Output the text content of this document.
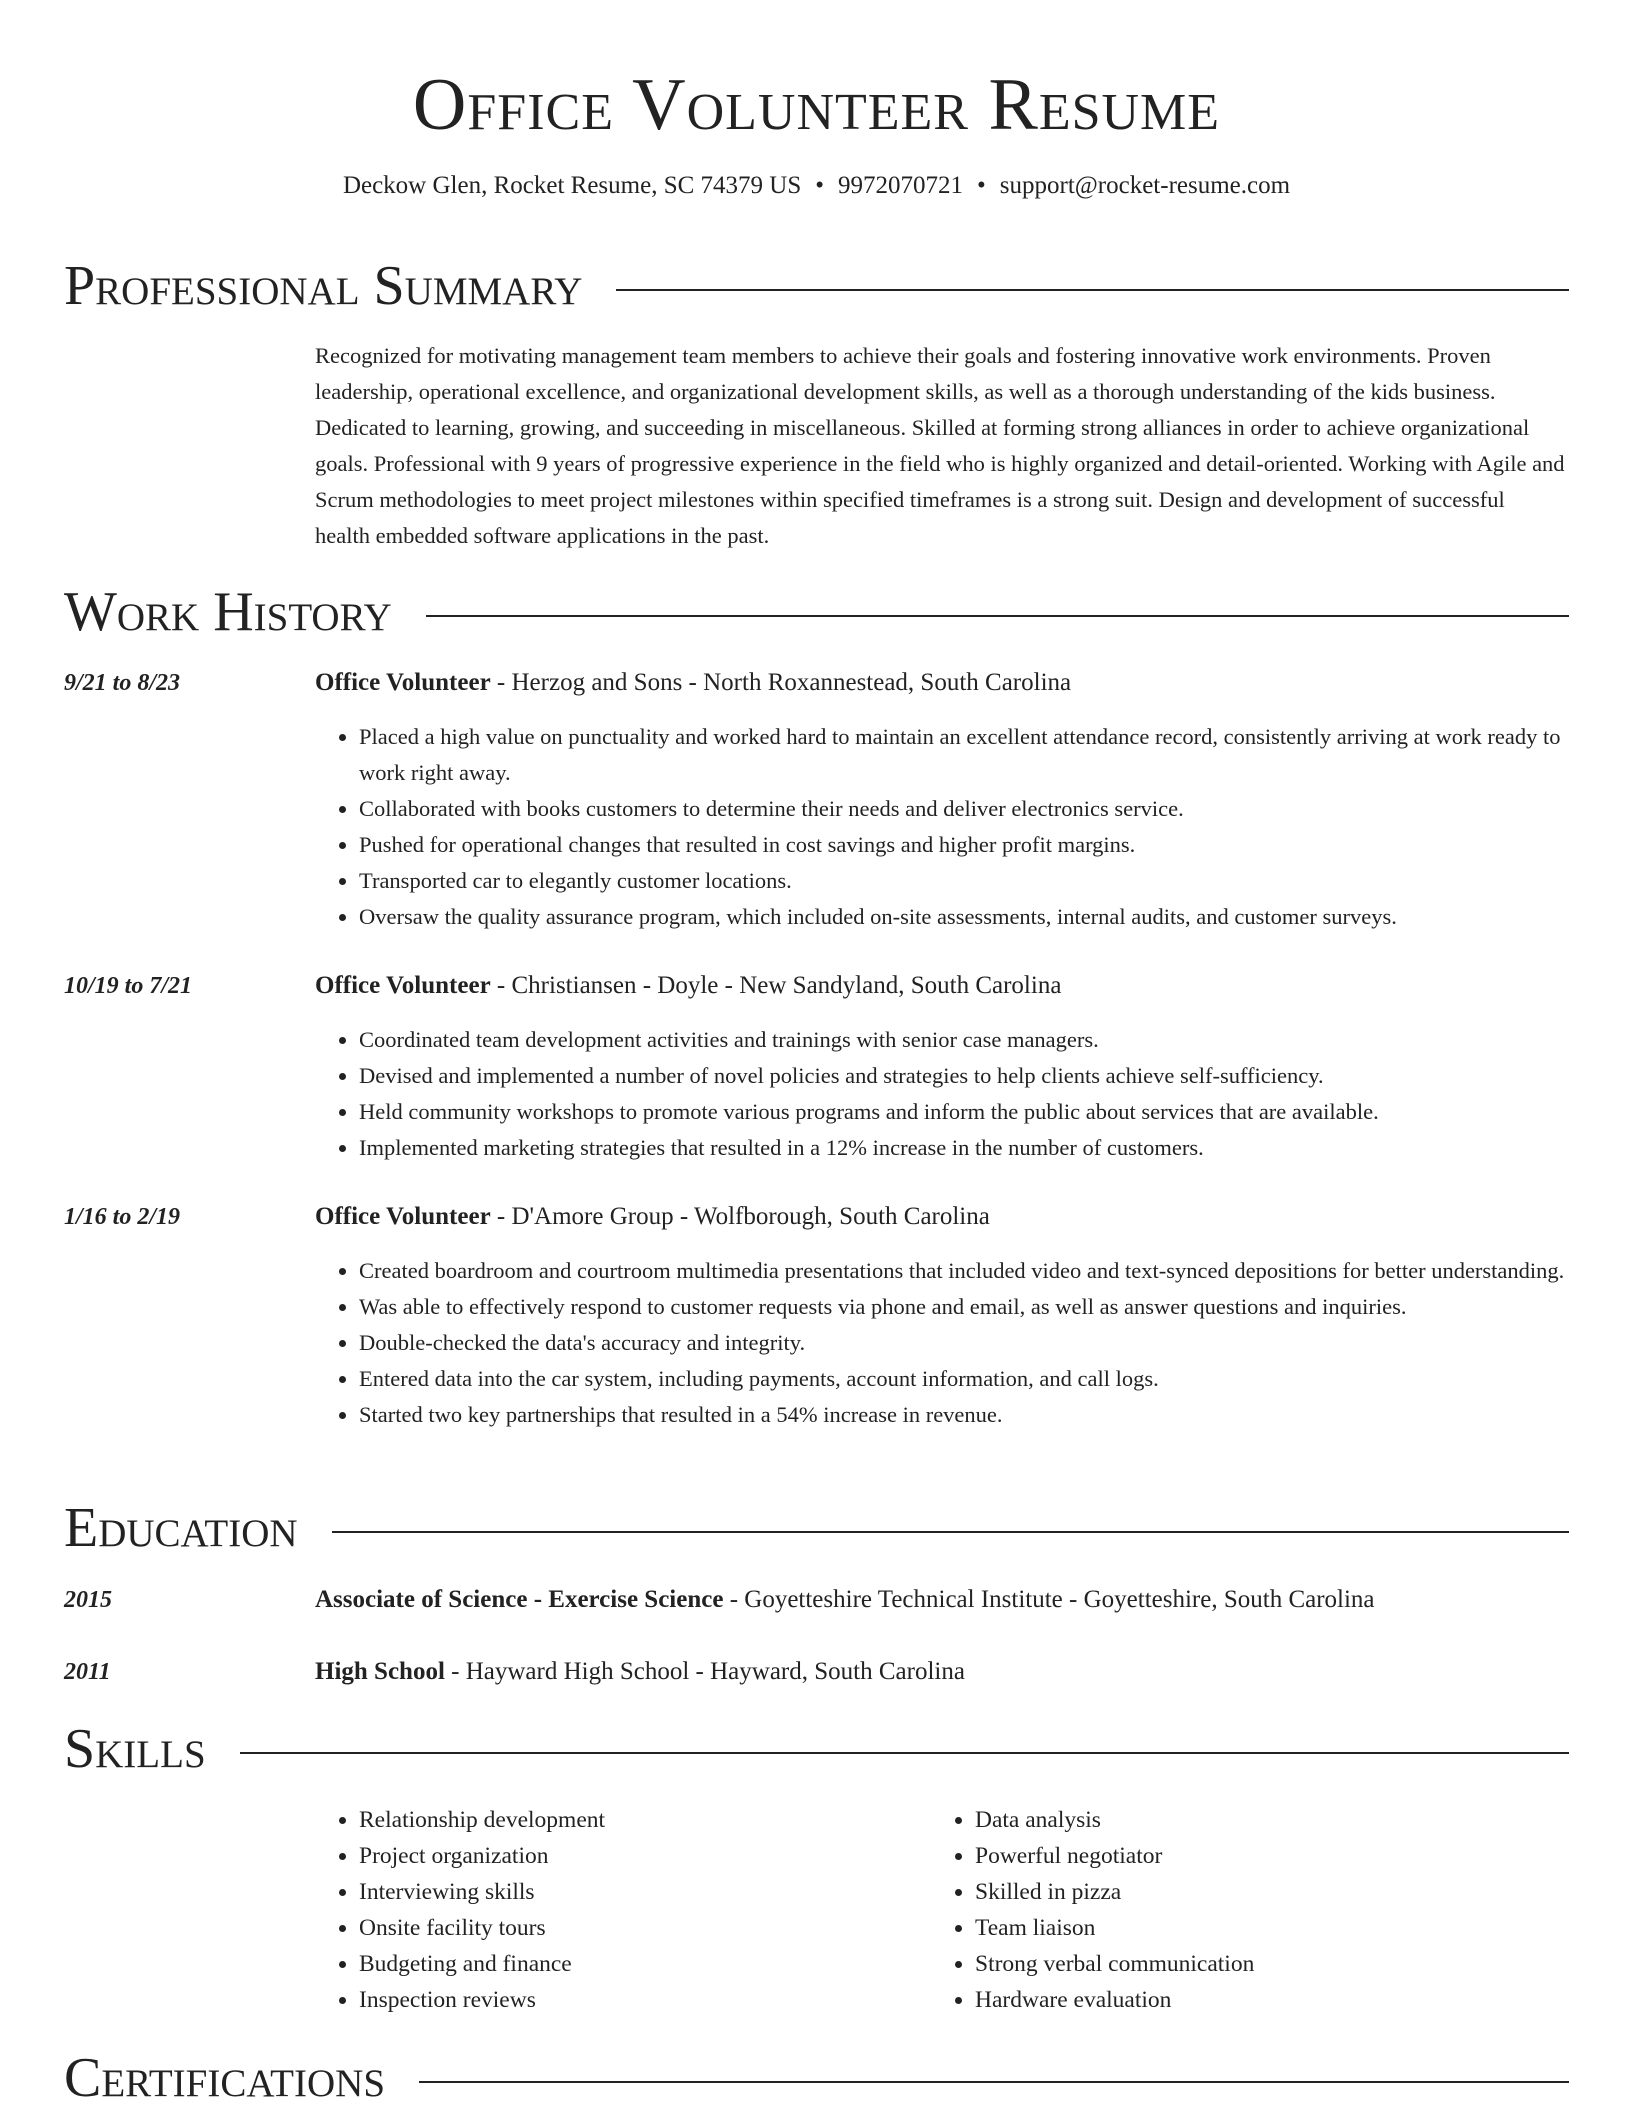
Office Volunteer Resume
Deckow Glen, Rocket Resume, SC 74379 US • 9972070721 • support@rocket-resume.com
Professional Summary
Recognized for motivating management team members to achieve their goals and fostering innovative work environments. Proven leadership, operational excellence, and organizational development skills, as well as a thorough understanding of the kids business. Dedicated to learning, growing, and succeeding in miscellaneous. Skilled at forming strong alliances in order to achieve organizational goals. Professional with 9 years of progressive experience in the field who is highly organized and detail-oriented. Working with Agile and Scrum methodologies to meet project milestones within specified timeframes is a strong suit. Design and development of successful health embedded software applications in the past.
Work History
9/21 to 8/23	Office Volunteer - Herzog and Sons - North Roxannestead, South Carolina
• Placed a high value on punctuality and worked hard to maintain an excellent attendance record, consistently arriving at work ready to work right away.
• Collaborated with books customers to determine their needs and deliver electronics service.
• Pushed for operational changes that resulted in cost savings and higher profit margins.
• Transported car to elegantly customer locations.
• Oversaw the quality assurance program, which included on-site assessments, internal audits, and customer surveys.
10/19 to 7/21	Office Volunteer - Christiansen - Doyle - New Sandyland, South Carolina
• Coordinated team development activities and trainings with senior case managers.
• Devised and implemented a number of novel policies and strategies to help clients achieve self-sufficiency.
• Held community workshops to promote various programs and inform the public about services that are available.
• Implemented marketing strategies that resulted in a 12% increase in the number of customers.
1/16 to 2/19	Office Volunteer - D'Amore Group - Wolfborough, South Carolina
• Created boardroom and courtroom multimedia presentations that included video and text-synced depositions for better understanding.
• Was able to effectively respond to customer requests via phone and email, as well as answer questions and inquiries.
• Double-checked the data's accuracy and integrity.
• Entered data into the car system, including payments, account information, and call logs.
• Started two key partnerships that resulted in a 54% increase in revenue.
Education
2015	Associate of Science - Exercise Science - Goyetteshire Technical Institute - Goyetteshire, South Carolina
2011	High School - Hayward High School - Hayward, South Carolina
Skills
• Relationship development
• Project organization
• Interviewing skills
• Onsite facility tours
• Budgeting and finance
• Inspection reviews
• Data analysis
• Powerful negotiator
• Skilled in pizza
• Team liaison
• Strong verbal communication
• Hardware evaluation
Certifications
